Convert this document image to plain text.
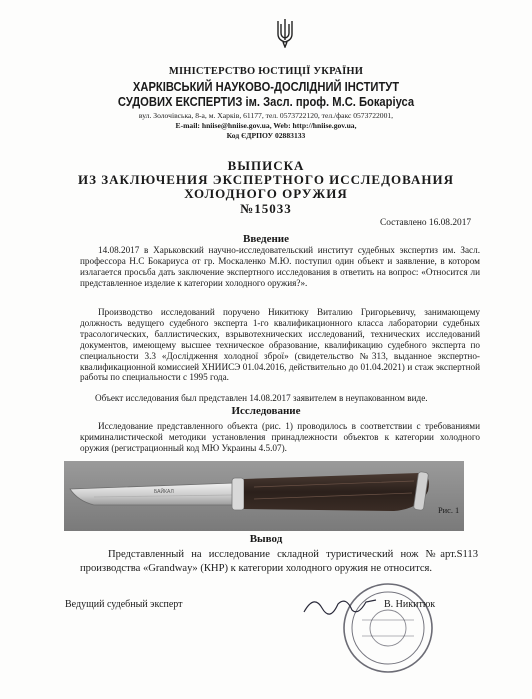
МІНІСТЕРСТВО ЮСТИЦІЇ УКРАЇНИ
ХАРКІВСЬКИЙ НАУКОВО-ДОСЛІДНИЙ ІНСТИТУТ
СУДОВИХ ЕКСПЕРТИЗ ім. Засл. проф. М.С. Бокаріуса
вул. Золочівська, 8-а, м. Харків, 61177, тел. 0573722120, тел./факс 0573722001,
E-mail: hniise@hniise.gov.ua, Web: http://hniise.gov.ua,
Код ЄДРПОУ 02883133
ВЫПИСКА
ИЗ ЗАКЛЮЧЕНИЯ ЭКСПЕРТНОГО ИССЛЕДОВАНИЯ
ХОЛОДНОГО ОРУЖИЯ
№15033
Составлено 16.08.2017
Введение
14.08.2017 в Харьковский научно-исследовательский институт судебных экспертиз им. Засл. профессора Н.С Бокариуса от гр. Москаленко М.Ю. поступил один объект и заявление, в котором излагается просьба дать заключение экспертного исследования в ответить на вопрос: «Относится ли представленное изделие к категории холодного оружия?».
Производство исследований поручено Никитюку Виталию Григорьевичу, занимающему должность ведущего судебного эксперта 1-го квалификационного класса лаборатории судебных трасологических, баллистических, взрывотехнических исследований, технических исследований документов, имеющему высшее техническое образование, квалификацию судебного эксперта по специальности 3.3 «Дослідження холодної зброї» (свидетельство №313, выданное экспертно-квалификационной комиссией ХНИИСЭ 01.04.2016, действительно до 01.04.2021) и стаж экспертной работы по специальности с 1995 года.
Объект исследования был представлен 14.08.2017 заявителем в неупакованном виде.
Исследование
Исследование представленного объекта (рис. 1) проводилось в соответствии с требованиями криминалистической методики установления принадлежности объектов к категории холодного оружия (регистрационный код МЮ Украины 4.5.07).
БАЙКАЛ
Рис. 1
Вывод
Представленный на исследование складной туристический нож №арт.S113 производства «Grandway» (КНР) к категории холодного оружия не относится.
Ведущий судебный эксперт	В. Никитюк
